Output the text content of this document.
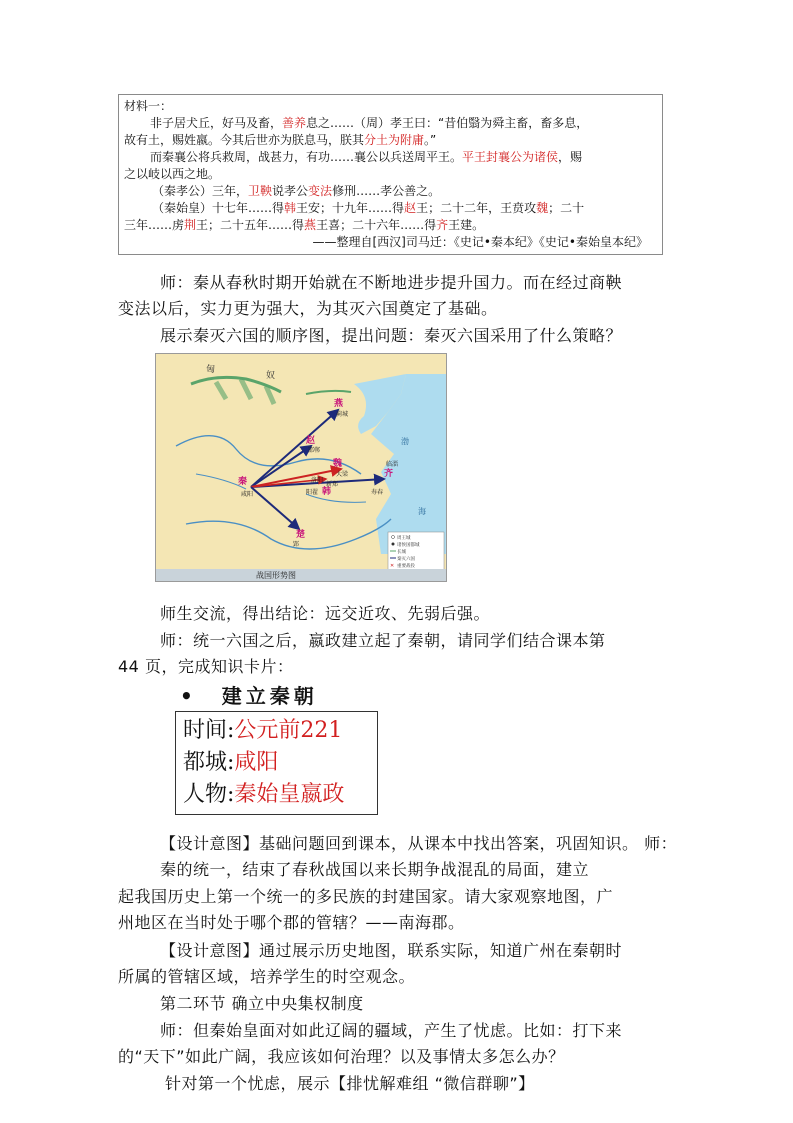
材料一：

非子居犬丘，好马及畜，善养息之……（周）孝王曰：“昔伯翳为舜主畜，畜多息，

故有土，赐姓嬴。今其后世亦为朕息马，朕其分土为附庸。”

而秦襄公将兵救周，战甚力，有功……襄公以兵送周平王。平王封襄公为诸侯，赐

之以岐以西之地。

（秦孝公）三年，卫鞅说孝公变法修刑……孝公善之。

（秦始皇）十七年……得韩王安；十九年……得赵王；二十二年，王贲攻魏；二十

三年……虏荆王；二十五年……得燕王喜；二十六年……得齐王建。

——整理自[西汉]司马迁：《史记•秦本纪》《史记•秦始皇本纪》

师：秦从春秋时期开始就在不断地进步提升国力。而在经过商鞅
变法以后，实力更为强大，为其灭六国奠定了基础。
展示秦灭六国的顺序图，提出问题：秦灭六国采用了什么策略？
匈
奴
秦
燕
赵
魏
韩
楚
齐
咸阳
蓟城
邯郸
大梁
阳翟	寿春
临淄
洛阳
郢
新郑
渤
海
周王城
诸侯国都城
长城
秦灭六国
✕ 重要战役
战国形势图
师生交流，得出结论：远交近攻、先弱后强。
师：统一六国之后，嬴政建立起了秦朝，请同学们结合课本第
44 页，完成知识卡片：
• 建立秦朝
时间:公元前221
都城:咸阳
人物:秦始皇嬴政
【设计意图】基础问题回到课本，从课本中找出答案，巩固知识。 师：
秦的统一，结束了春秋战国以来长期争战混乱的局面，建立
起我国历史上第一个统一的多民族的封建国家。请大家观察地图，广
州地区在当时处于哪个郡的管辖？——南海郡。
【设计意图】通过展示历史地图，联系实际，知道广州在秦朝时
所属的管辖区域，培养学生的时空观念。
第二环节 确立中央集权制度
师：但秦始皇面对如此辽阔的疆域，产生了忧虑。比如：打下来
的“天下”如此广阔，我应该如何治理？以及事情太多怎么办？
针对第一个忧虑，展示【排忧解难组 “微信群聊”】
